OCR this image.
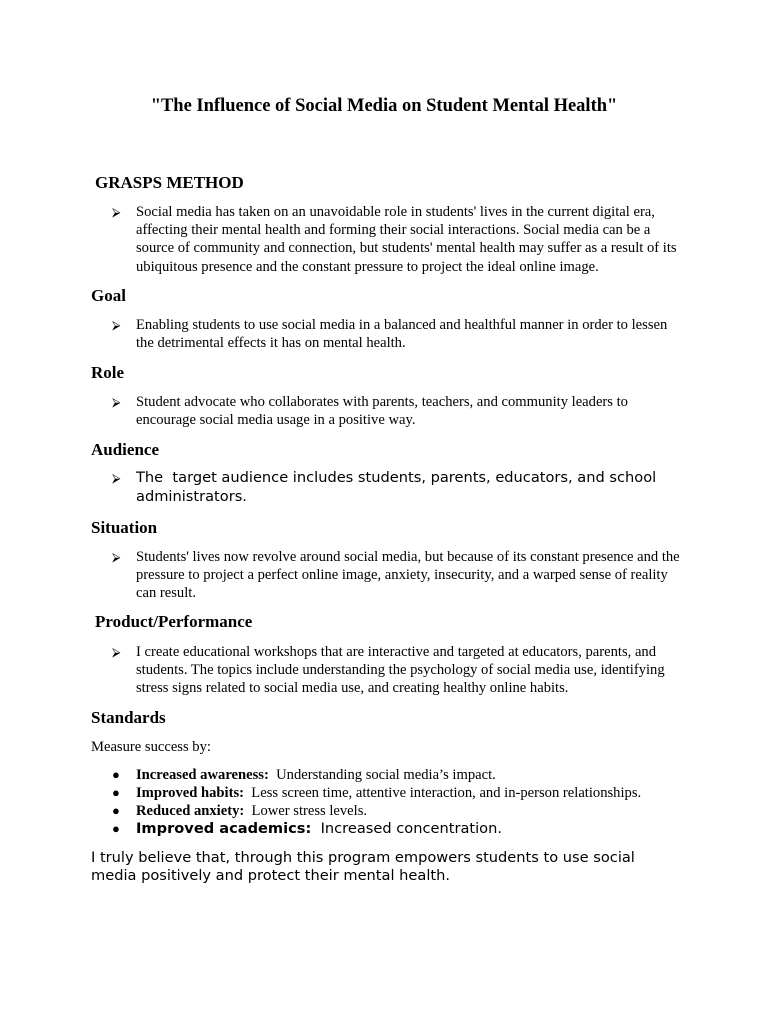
"The Influence of Social Media on Student Mental Health"
GRASPS METHOD
⮚ Social media has taken on an unavoidable role in students' lives in the current digital era, affecting their mental health and forming their social interactions. Social media can be a source of community and connection, but students' mental health may suffer as a result of its ubiquitous presence and the constant pressure to project the ideal online image.
Goal
⮚ Enabling students to use social media in a balanced and healthful manner in order to lessen the detrimental effects it has on mental health.
Role
⮚ Student advocate who collaborates with parents, teachers, and community leaders to encourage social media usage in a positive way.
Audience
⮚ The  target audience includes students, parents, educators, and school administrators.
Situation
⮚ Students' lives now revolve around social media, but because of its constant presence and the pressure to project a perfect online image, anxiety, insecurity, and a warped sense of reality can result.
Product/Performance
⮚ I create educational workshops that are interactive and targeted at educators, parents, and students. The topics include understanding the psychology of social media use, identifying stress signs related to social media use, and creating healthy online habits.
Standards
Measure success by:
● Increased awareness: Understanding social media’s impact.
● Improved habits: Less screen time, attentive interaction, and in-person relationships.
● Reduced anxiety: Lower stress levels.
● Improved academics: Increased concentration.
I truly believe that, through this program empowers students to use social media positively and protect their mental health.
